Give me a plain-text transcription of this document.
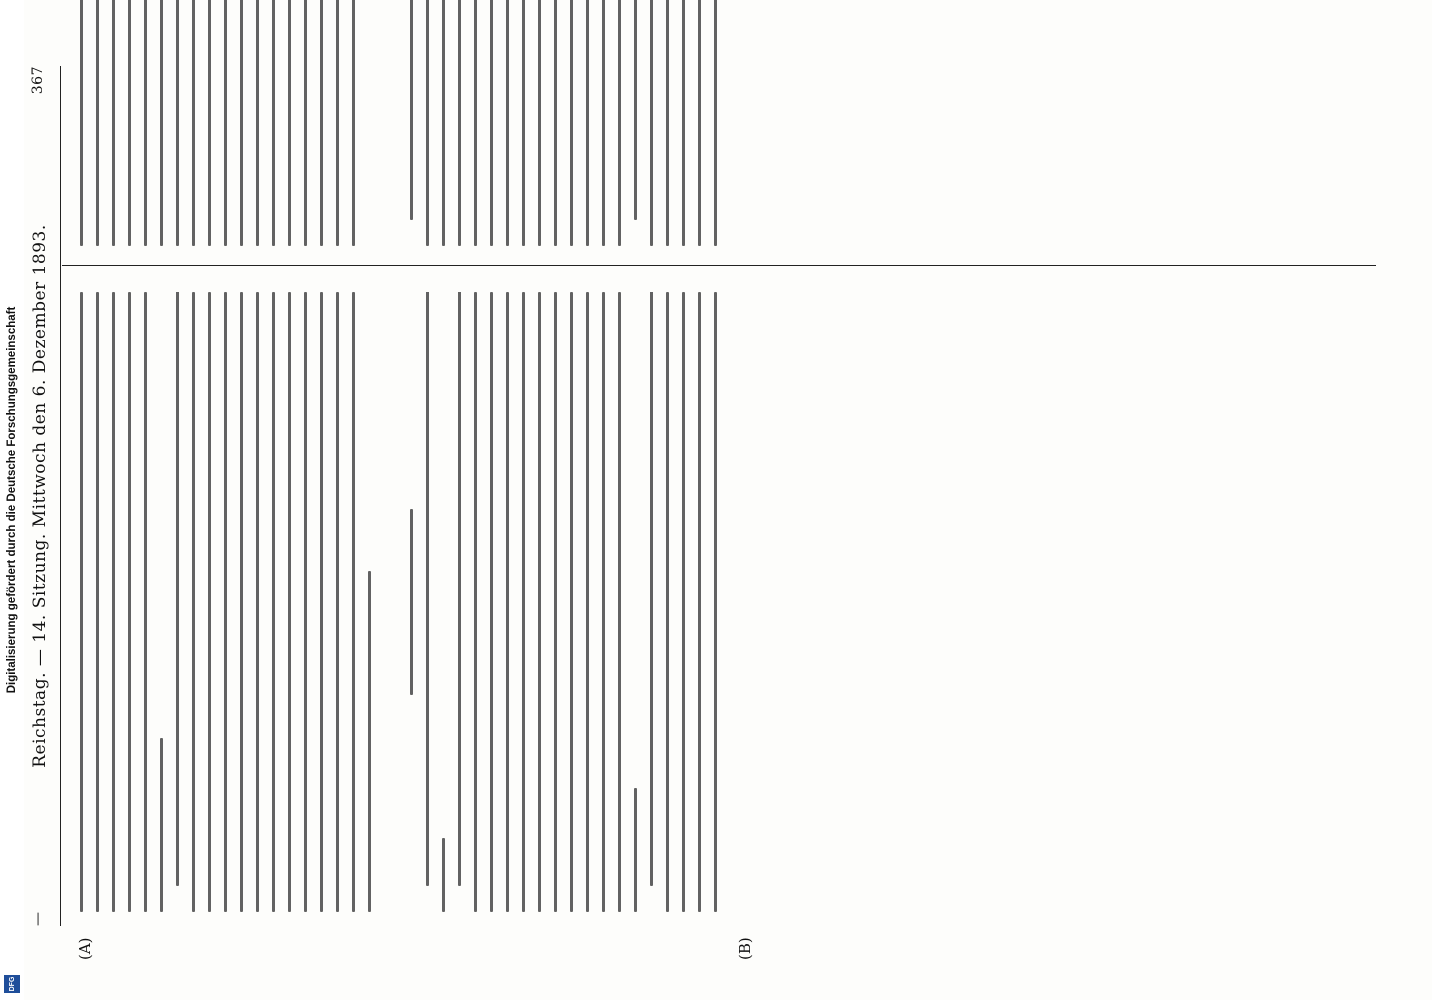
—
Reichstag. — 14. Sitzung. Mittwoch den 6. Dezember 1893.
367
(A)	(B)
Digitalisierung gefördert durch die Deutsche Forschungsgemeinschaft
DFG
